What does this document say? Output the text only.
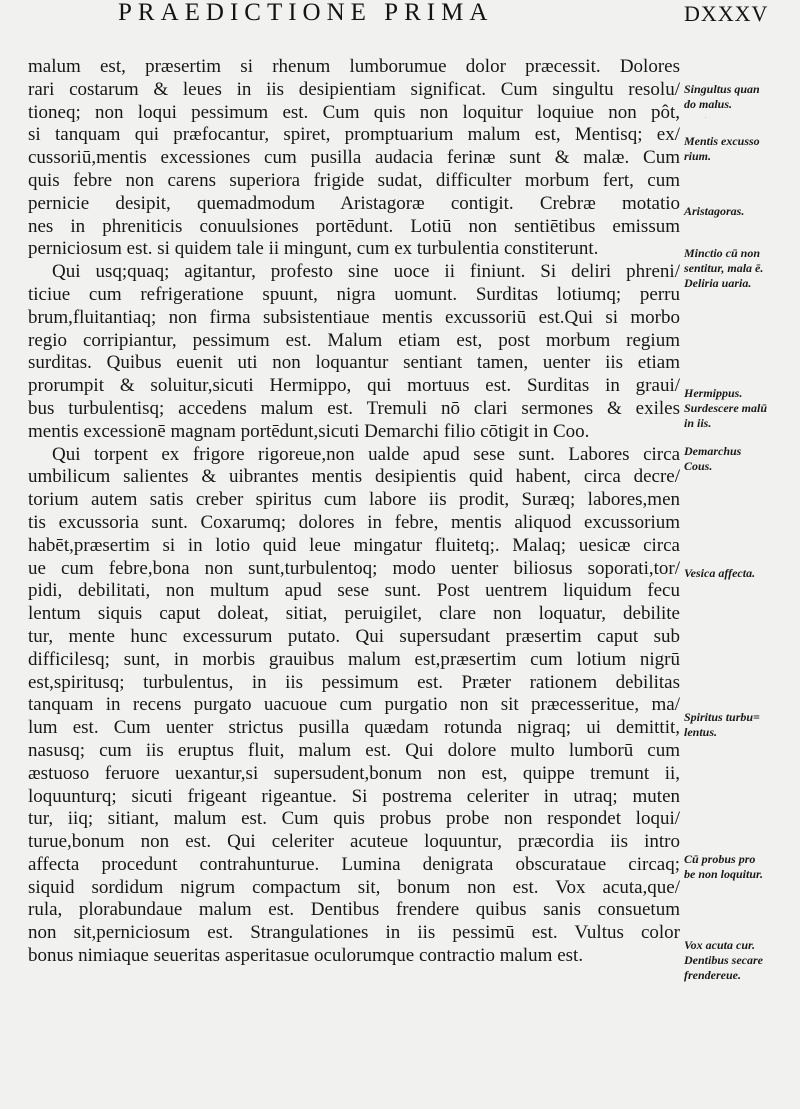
PRAEDICTIONE PRIMA	DXXXV
malum est, præsertim si rhenum lumborumue dolor præcessit. Dolores
rari costarum & leues in iis desipientiam significat. Cum singultu resolu/
tioneq; non loqui pessimum est. Cum quis non loquitur loquiue non pôt,
si tanquam qui præfocantur, spiret, promptuarium malum est, Mentisq; ex/
cussoriū,mentis excessiones cum pusilla audacia ferinæ sunt & malæ. Cum
quis febre non carens superiora frigide sudat, difficulter morbum fert, cum
pernicie desipit, quemadmodum Aristagoræ contigit. Crebræ motatio
nes in phreniticis conuulsiones portēdunt. Lotiū non sentiētibus emissum
perniciosum est. si quidem tale ii mingunt, cum ex turbulentia constiterunt.
Qui usq;quaq; agitantur, profesto sine uoce ii finiunt. Si deliri phreni/
ticiue cum refrigeratione spuunt, nigra uomunt. Surditas lotiumq; perru
brum,fluitantiaq; non firma subsistentiaue mentis excussoriū est.Qui si morbo
regio corripiantur, pessimum est. Malum etiam est, post morbum regium
surditas. Quibus euenit uti non loquantur sentiant tamen, uenter iis etiam
prorumpit & soluitur,sicuti Hermippo, qui mortuus est. Surditas in graui/
bus turbulentisq; accedens malum est. Tremuli nō clari sermones & exiles
mentis excessionē magnam portēdunt,sicuti Demarchi filio cōtigit in Coo.
Qui torpent ex frigore rigoreue,non ualde apud sese sunt. Labores circa
umbilicum salientes & uibrantes mentis desipientis quid habent, circa decre/
torium autem satis creber spiritus cum labore iis prodit, Suræq; labores,men
tis excussoria sunt. Coxarumq; dolores in febre, mentis aliquod excussorium
habēt,præsertim si in lotio quid leue mingatur fluitetq;. Malaq; uesicæ circa
ue cum febre,bona non sunt,turbulentoq; modo uenter biliosus soporati,tor/
pidi, debilitati, non multum apud sese sunt. Post uentrem liquidum fecu
lentum siquis caput doleat, sitiat, peruigilet, clare non loquatur, debilite
tur, mente hunc excessurum putato. Qui supersudant præsertim caput sub
difficilesq; sunt, in morbis grauibus malum est,præsertim cum lotium nigrū
est,spiritusq; turbulentus, in iis pessimum est. Præter rationem debilitas
tanquam in recens purgato uacuoue cum purgatio non sit præcesseritue, ma/
lum est. Cum uenter strictus pusilla quædam rotunda nigraq; ui demittit,
nasusq; cum iis eruptus fluit, malum est. Qui dolore multo lumborū cum
æstuoso feruore uexantur,si supersudent,bonum non est, quippe tremunt ii,
loquunturq; sicuti frigeant rigeantue. Si postrema celeriter in utraq; muten
tur, iiq; sitiant, malum est. Cum quis probus probe non respondet loqui/
turue,bonum non est. Qui celeriter acuteue loquuntur, præcordia iis intro
affecta procedunt contrahunturue. Lumina denigrata obscurataue circaq;
siquid sordidum nigrum compactum sit, bonum non est. Vox acuta,que/
rula, plorabundaue malum est. Dentibus frendere quibus sanis consuetum
non sit,perniciosum est. Strangulationes in iis pessimū est. Vultus color
bonus nimiaque seueritas asperitasue oculorumque contractio malum est.
·
Singultus quan
do malus.
Mentis excusso
rium.
Aristagoras.
Minctio cū non
sentitur, mala ē.
Deliria uaria.
Hermippus.
Surdescere malū
in iis.
Demarchus
Cous.
Vesica affecta.
Spiritus turbu=
lentus.
Cū probus pro
be non loquitur.
Vox acuta cur.
Dentibus secare
frendereue.
